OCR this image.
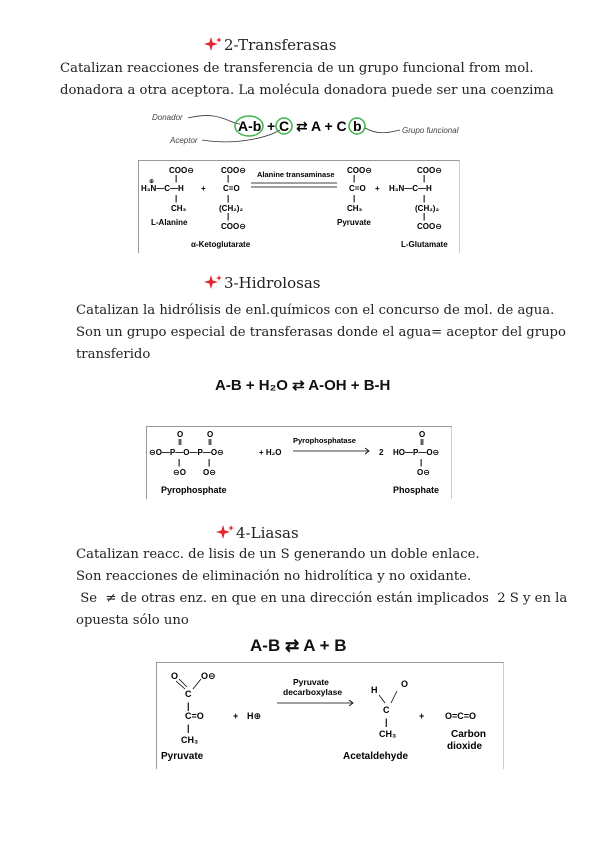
2-Transferasas
Catalizan reacciones de transferencia de un grupo funcional from mol.
donadora a otra aceptora. La molécula donadora puede ser una coenzima
Donador
Aceptor
A-b + C ⇄ A + C b	Grupo funcional
COO⊖
|
H₃N—C—H
⊕
|
CH₃
+
COO⊖
|
C=O
|
(CH₂)₂
|
COO⊖
Alanine transaminase COO⊖
|
C=O
|
CH₃
+
COO⊖
|
H₃N—C—H
|
(CH₂)₂
|
COO⊖
L-Alanine
α-Ketoglutarate
Pyruvate
L-Glutamate
3-Hidrolosas
Catalizan la hidrólisis de enl.químicos con el concurso de mol. de agua.
Son un grupo especial de transferasas donde el agua= aceptor del grupo
transferido
A-B + H₂O ⇄ A-OH + B-H
O	O
‖	‖
⊖O—P—O—P—O⊖
|	|
⊖O O⊖
+ H₂O
Pyrophosphatase
2
O
‖
HO—P—O⊖
|
O⊖
Pyrophosphate	Phosphate
4-Liasas
Catalizan reacc. de lisis de un S generando un doble enlace.
Son reacciones de eliminación no hidrolítica y no oxidante.
Se  ≠ de otras enz. en que en una dirección están implicados  2 S y en la
opuesta sólo uno
A-B ⇄ A + B
O	O⊖
C
|
C=O
|
CH₃
+ H⊕
Pyruvate
decarboxylase	H
O
C
|
CH₃
+ O=C=O
Pyruvate	Acetaldehyde
Carbon
dioxide
